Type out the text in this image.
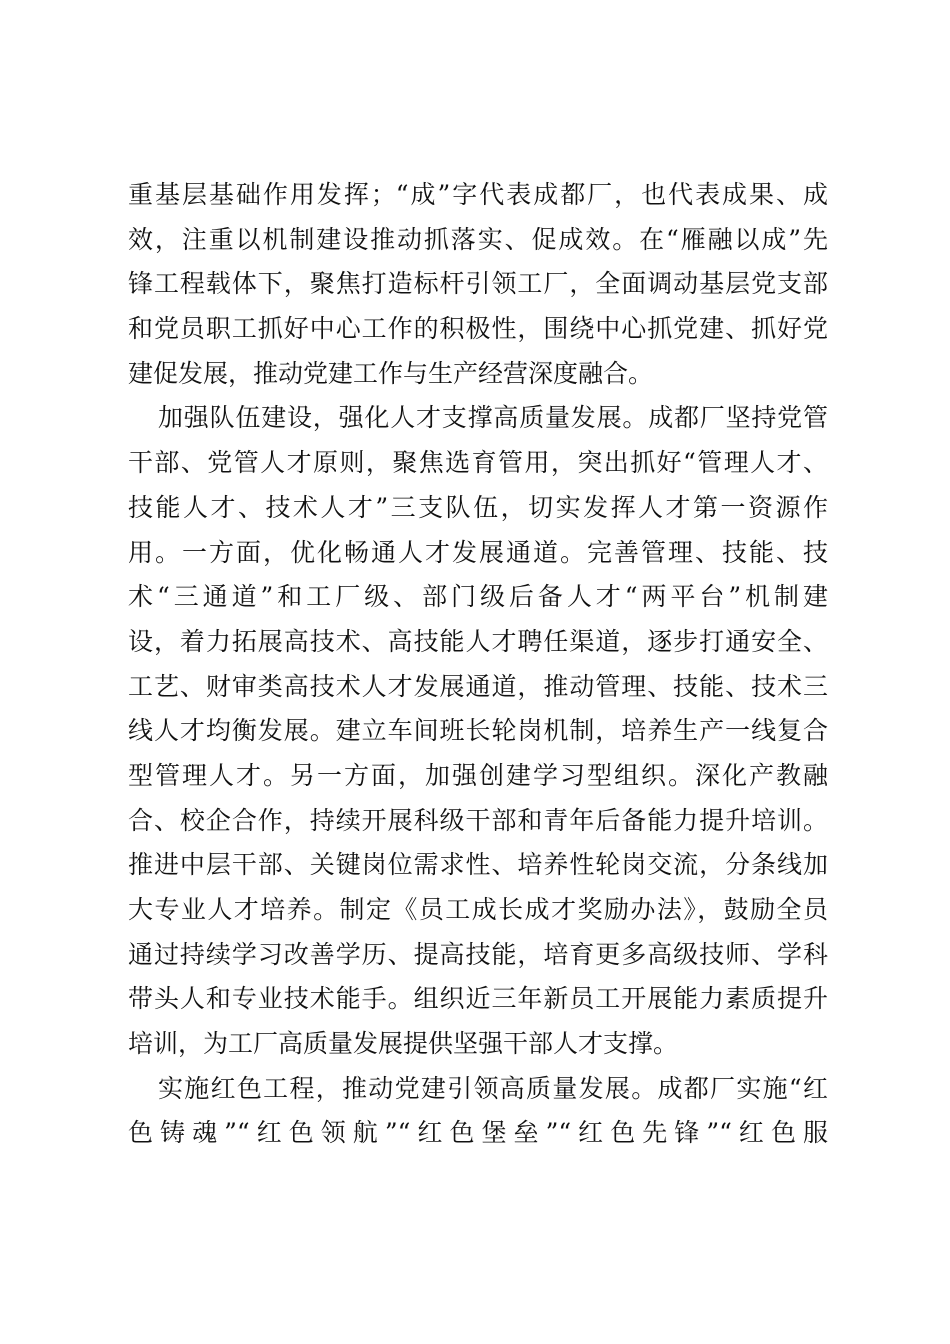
重基层基础作用发挥；“成”字代表成都厂，也代表成果、成
效，注重以机制建设推动抓落实、促成效。在“雁融以成”先
锋工程载体下，聚焦打造标杆引领工厂，全面调动基层党支部
和党员职工抓好中心工作的积极性，围绕中心抓党建、抓好党
建促发展，推动党建工作与生产经营深度融合。
加强队伍建设，强化人才支撑高质量发展。成都厂坚持党管
干部、党管人才原则，聚焦选育管用，突出抓好“管理人才、
技能人才、技术人才”三支队伍，切实发挥人才第一资源作
用。一方面，优化畅通人才发展通道。完善管理、技能、技
术“三通道”和工厂级、部门级后备人才“两平台”机制建
设，着力拓展高技术、高技能人才聘任渠道，逐步打通安全、
工艺、财审类高技术人才发展通道，推动管理、技能、技术三
线人才均衡发展。建立车间班长轮岗机制，培养生产一线复合
型管理人才。另一方面，加强创建学习型组织。深化产教融
合、校企合作，持续开展科级干部和青年后备能力提升培训。
推进中层干部、关键岗位需求性、培养性轮岗交流，分条线加
大专业人才培养。制定《员工成长成才奖励办法》，鼓励全员
通过持续学习改善学历、提高技能，培育更多高级技师、学科
带头人和专业技术能手。组织近三年新员工开展能力素质提升
培训，为工厂高质量发展提供坚强干部人才支撑。
实施红色工程，推动党建引领高质量发展。成都厂实施“红
色铸魂”“红色领航”“红色堡垒”“红色先锋”“红色服
